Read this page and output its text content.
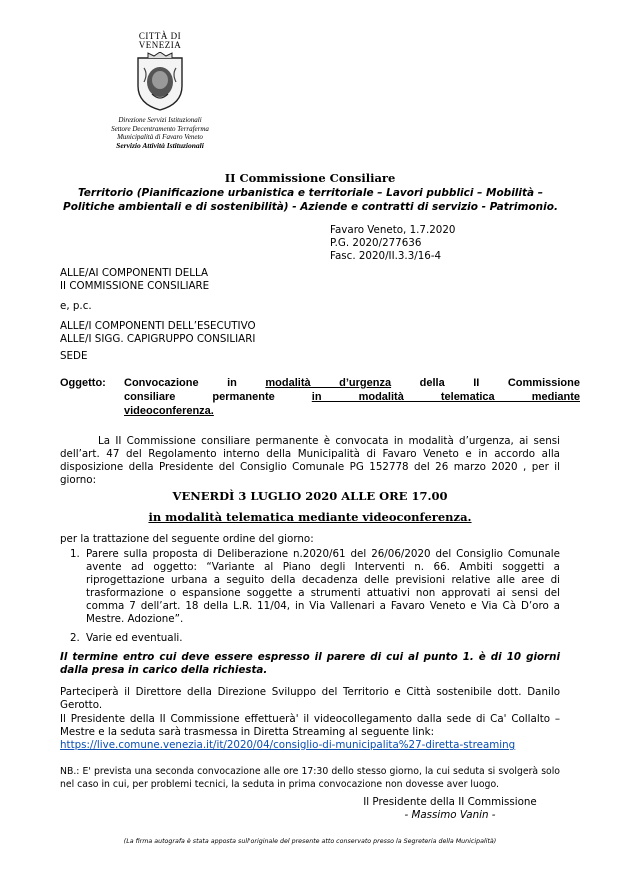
CITTÀ DI
VENEZIA
Direzione Servizi Istituzionali
Settore Decentramento Terraferma
Municipalità di Favaro Veneto
Servizio Attività Istituzionali
II Commissione Consiliare
Territorio (Pianificazione urbanistica e territoriale – Lavori pubblici – Mobilità –
Politiche ambientali e di sostenibilità) - Aziende e contratti di servizio - Patrimonio.
Favaro Veneto, 1.7.2020
P.G. 2020/277636
Fasc. 2020/II.3.3/16-4
ALLE/AI COMPONENTI DELLA
II COMMISSIONE CONSILIARE
e, p.c.
ALLE/I COMPONENTI DELL’ESECUTIVO
ALLE/I SIGG. CAPIGRUPPO CONSILIARI
SEDE
Oggetto: Convocazione in modalità d’urgenza della II Commissione
consiliare permanente in modalità telematica mediante
videoconferenza.
La II Commissione consiliare permanente è convocata in modalità d’urgenza, ai sensi dell’art. 47 del Regolamento interno della Municipalità di Favaro Veneto e in accordo alla disposizione della Presidente del Consiglio Comunale PG 152778 del 26 marzo 2020 , per il giorno:
VENERDÌ 3 LUGLIO 2020 ALLE ORE 17.00
in modalità telematica mediante videoconferenza.
per la trattazione del seguente ordine del giorno:
1. Parere sulla proposta di Deliberazione n.2020/61 del 26/06/2020 del Consiglio Comunale avente ad oggetto: “Variante al Piano degli Interventi n. 66. Ambiti soggetti a riprogettazione urbana a seguito della decadenza delle previsioni relative alle aree di trasformazione o espansione soggette a strumenti attuativi non approvati ai sensi del comma 7 dell’art. 18 della L.R. 11/04, in Via Vallenari a Favaro Veneto e Via Cà D’oro a Mestre. Adozione”.
2. Varie ed eventuali.
Il termine entro cui deve essere espresso il parere di cui al punto 1. è di 10 giorni dalla presa in carico della richiesta.
Parteciperà il Direttore della Direzione Sviluppo del Territorio e Città sostenibile dott. Danilo Gerotto.
Il Presidente della II Commissione effettuerà' il videocollegamento dalla sede di Ca' Collalto – Mestre e la seduta sarà trasmessa in Diretta Streaming al seguente link:
https://live.comune.venezia.it/it/2020/04/consiglio-di-municipalita%27-diretta-streaming
NB.: E' prevista una seconda convocazione alle ore 17:30 dello stesso giorno, la cui seduta si svolgerà solo nel caso in cui, per problemi tecnici, la seduta in prima convocazione non dovesse aver luogo.
Il Presidente della II Commissione
- Massimo Vanin -
(La firma autografa è stata apposta sull'originale del presente atto conservato presso la Segreteria della Municipalità)
